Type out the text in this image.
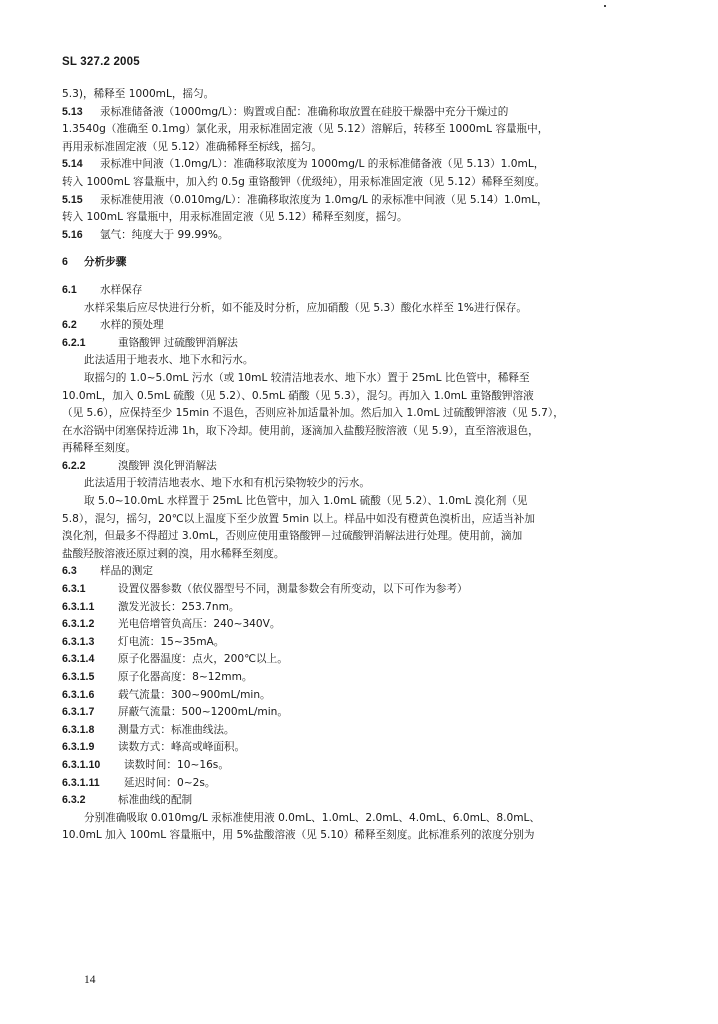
SL 327.2 2005
5.3)，稀释至 1000mL，摇匀。
5.13 汞标准储备液（1000mg/L）：购置或自配：准确称取放置在硅胶干燥器中充分干燥过的
1.3540g（准确至 0.1mg）氯化汞，用汞标准固定液（见 5.12）溶解后，转移至 1000mL 容量瓶中，
再用汞标准固定液（见 5.12）准确稀释至标线，摇匀。
5.14 汞标准中间液（1.0mg/L）：准确移取浓度为 1000mg/L 的汞标准储备液（见 5.13）1.0mL，
转入 1000mL 容量瓶中，加入约 0.5g 重铬酸钾（优级纯），用汞标准固定液（见 5.12）稀释至刻度。
5.15 汞标准使用液（0.010mg/L）：准确移取浓度为 1.0mg/L 的汞标准中间液（见 5.14）1.0mL，
转入 100mL 容量瓶中，用汞标准固定液（见 5.12）稀释至刻度，摇匀。
5.16 氩气：纯度大于 99.99%。
6 分析步骤
6.1 水样保存
水样采集后应尽快进行分析，如不能及时分析，应加硝酸（见 5.3）酸化水样至 1%进行保存。
6.2 水样的预处理
6.2.1	重铬酸钾 过硫酸钾消解法
此法适用于地表水、地下水和污水。
取摇匀的 1.0~5.0mL 污水（或 10mL 较清洁地表水、地下水）置于 25mL 比色管中，稀释至
10.0mL，加入 0.5mL 硫酸（见 5.2）、0.5mL 硝酸（见 5.3），混匀。再加入 1.0mL 重铬酸钾溶液
（见 5.6），应保持至少 15min 不退色，否则应补加适量补加。然后加入 1.0mL 过硫酸钾溶液（见 5.7），
在水浴锅中闭塞保持近沸 1h，取下冷却。使用前，逐滴加入盐酸羟胺溶液（见 5.9），直至溶液退色，
再稀释至刻度。
6.2.2	溴酸钾 溴化钾消解法
此法适用于较清洁地表水、地下水和有机污染物较少的污水。
取 5.0~10.0mL 水样置于 25mL 比色管中，加入 1.0mL 硫酸（见 5.2）、1.0mL 溴化剂（见
5.8），混匀，摇匀，20℃以上温度下至少放置 5min 以上。样品中如没有橙黄色溴析出，应适当补加
溴化剂，但最多不得超过 3.0mL，否则应使用重铬酸钾－过硫酸钾消解法进行处理。使用前，滴加
盐酸羟胺溶液还原过剩的溴，用水稀释至刻度。
6.3 样品的测定
6.3.1	设置仪器参数（依仪器型号不同，测量参数会有所变动，以下可作为参考）
6.3.1.1 激发光波长：253.7nm。
6.3.1.2 光电倍增管负高压：240~340V。
6.3.1.3 灯电流：15~35mA。
6.3.1.4 原子化器温度：点火，200℃以上。
6.3.1.5 原子化器高度：8~12mm。
6.3.1.6 载气流量：300~900mL/min。
6.3.1.7 屏蔽气流量：500~1200mL/min。
6.3.1.8 测量方式：标准曲线法。
6.3.1.9 读数方式：峰高或峰面积。
6.3.1.10 读数时间：10~16s。
6.3.1.11 延迟时间：0~2s。
6.3.2	标准曲线的配制
分别准确吸取 0.010mg/L 汞标准使用液 0.0mL、1.0mL、2.0mL、4.0mL、6.0mL、8.0mL、
10.0mL 加入 100mL 容量瓶中，用 5%盐酸溶液（见 5.10）稀释至刻度。此标准系列的浓度分别为
14
